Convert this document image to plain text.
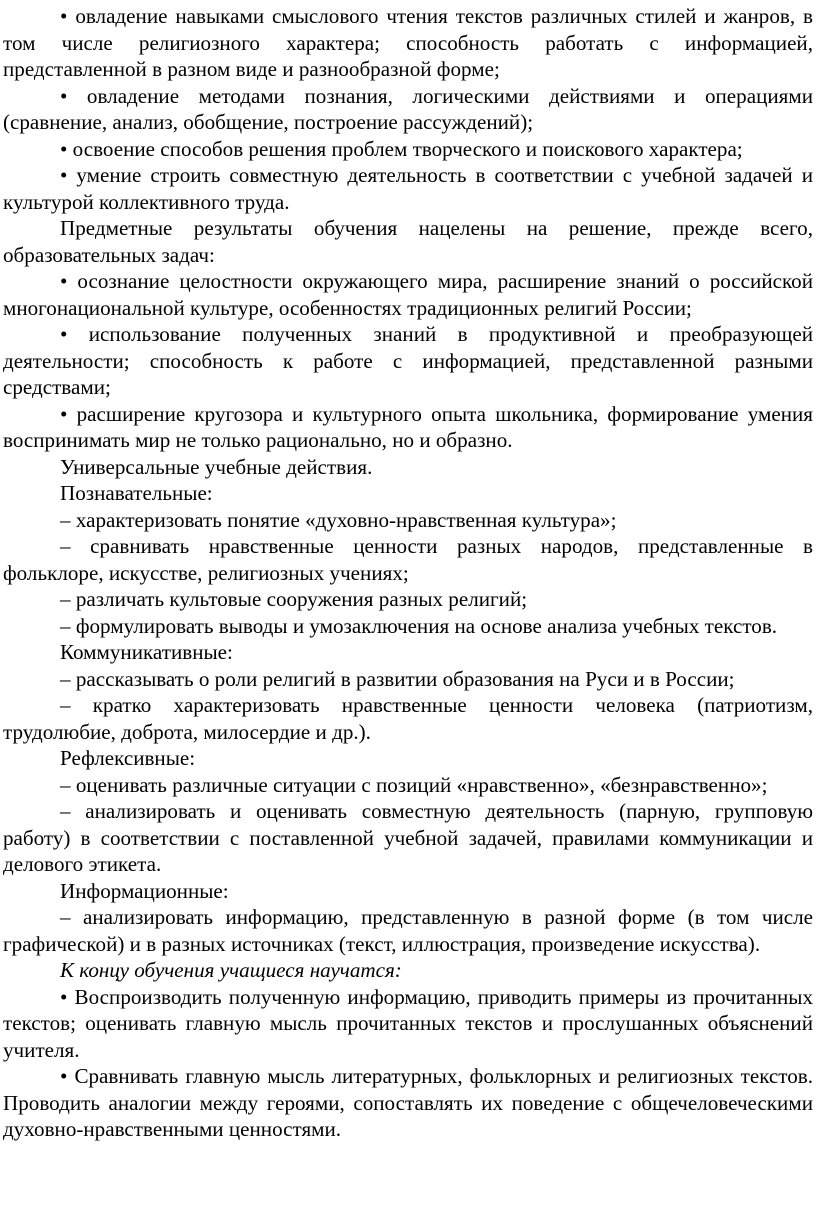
• овладение навыками смыслового чтения текстов различных стилей и жанров, в том числе религиозного характера; способность работать с информацией, представленной в разном виде и разнообразной форме;

• овладение методами познания, логическими действиями и операциями (сравнение, анализ, обобщение, построение рассуждений);

• освоение способов решения проблем творческого и поискового характера;

• умение строить совместную деятельность в соответствии с учебной задачей и культурой коллективного труда.

Предметные результаты обучения нацелены на решение, прежде всего, образовательных задач:

• осознание целостности окружающего мира, расширение знаний о российской многонациональной культуре, особенностях традиционных религий России;

• использование полученных знаний в продуктивной и преобразующей деятельности; способность к работе с информацией, представленной разными средствами;

• расширение кругозора и культурного опыта школьника, формирование умения воспринимать мир не только рационально, но и образно.

Универсальные учебные действия.

Познавательные:

– характеризовать понятие «духовно-нравственная культура»;

– сравнивать нравственные ценности разных народов, представленные в фольклоре, искусстве, религиозных учениях;

– различать культовые сооружения разных религий;

– формулировать выводы и умозаключения на основе анализа учебных текстов.

Коммуникативные:

– рассказывать о роли религий в развитии образования на Руси и в России;

– кратко характеризовать нравственные ценности человека (патриотизм, трудолюбие, доброта, милосердие и др.).

Рефлексивные:

– оценивать различные ситуации с позиций «нравственно», «безнравственно»;

– анализировать и оценивать совместную деятельность (парную, групповую работу) в соответствии с поставленной учебной задачей, правилами коммуникации и делового этикета.

Информационные:

– анализировать информацию, представленную в разной форме (в том числе графической) и в разных источниках (текст, иллюстрация, произведение искусства).

К концу обучения учащиеся научатся:

• Воспроизводить полученную информацию, приводить примеры из прочитанных текстов; оценивать главную мысль прочитанных текстов и прослушанных объяснений учителя.

• Сравнивать главную мысль литературных, фольклорных и религиозных текстов. Проводить аналогии между героями, сопоставлять их поведение с общечеловеческими духовно-нравственными ценностями.
